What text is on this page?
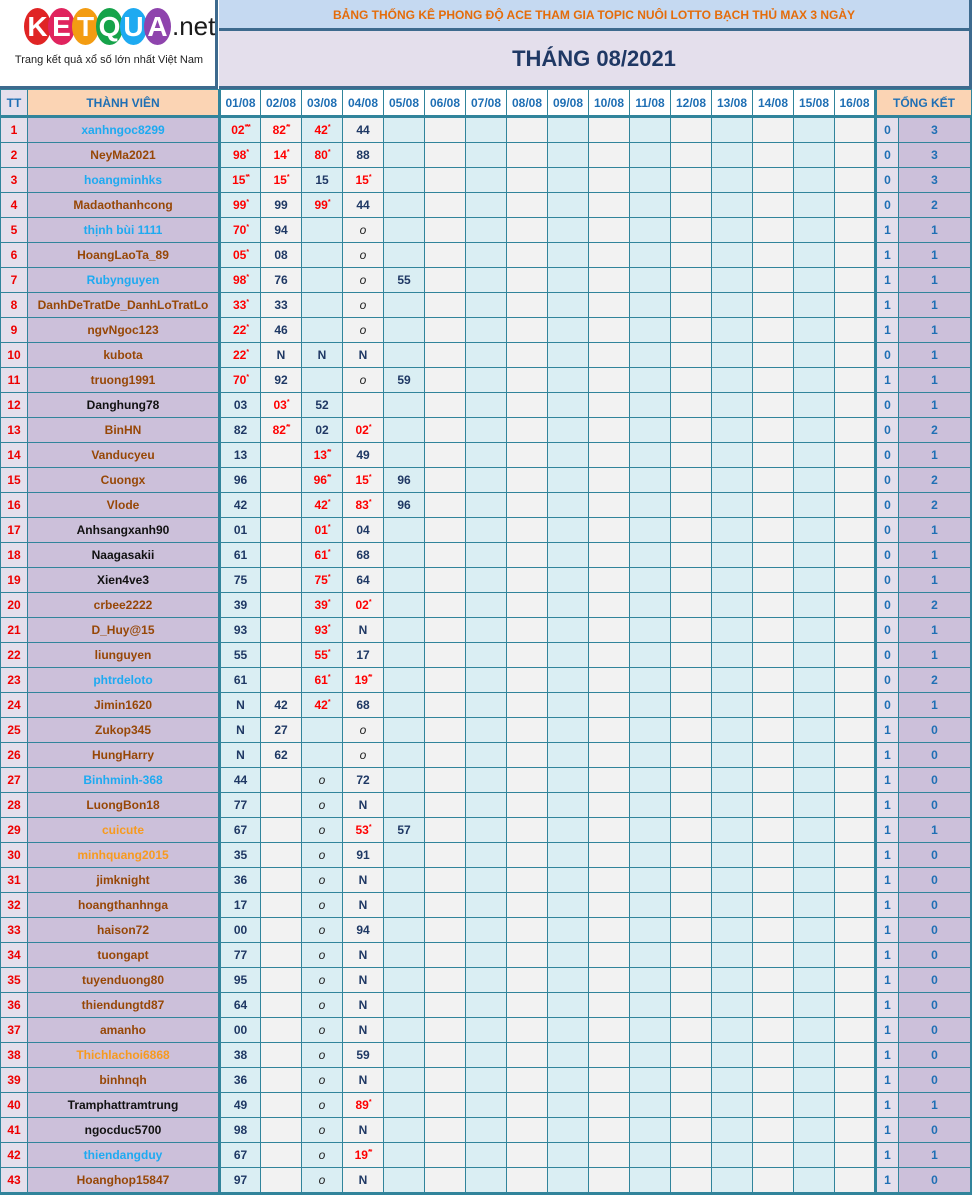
K E T Q U A .net
Trang kết quả xổ số lớn nhất Việt Nam
BẢNG THỐNG KÊ PHONG ĐỘ ACE THAM GIA TOPIC NUÔI LOTTO BẠCH THỦ MAX 3 NGÀY
THÁNG 08/2021
TT	THÀNH VIÊN	01/08	02/08	03/08	04/08	05/08	06/08	07/08	08/08	09/08	10/08	11/08	12/08	13/08	14/08	15/08	16/08	TỔNG KẾT	
1	xanhngoc8299	02***	82**	42*	44													0	3
2	NeyMa2021	98*	14*	80*	88													0	3
3	hoangminhks	15**	15*	15	15*													0	3
4	Madaothanhcong	99*	99	99*	44													0	2
5	thịnh bùi 1111	70*	94		o													1	1
6	HoangLaoTa_89	05*	08		o													1	1
7	Rubynguyen	98*	76		o	55												1	1
8	DanhDeTratDe_DanhLoTratLo	33*	33		o													1	1
9	ngvNgoc123	22*	46		o													1	1
10	kubota	22*	N	N	N													0	1
11	truong1991	70*	92		o	59												1	1
12	Danghung78	03	03*	52														0	1
13	BinHN	82	82**	02	02*													0	2
14	Vanducyeu	13		13**	49													0	1
15	Cuongx	96		96**	15*	96												0	2
16	Vlode	42		42*	83*	96												0	2
17	Anhsangxanh90	01		01*	04													0	1
18	Naagasakii	61		61*	68													0	1
19	Xien4ve3	75		75*	64													0	1
20	crbee2222	39		39*	02*													0	2
21	D_Huy@15	93		93*	N													0	1
22	liunguyen	55		55*	17													0	1
23	phtrdeloto	61		61*	19**													0	2
24	Jimin1620	N	42	42*	68													0	1
25	Zukop345	N	27		o													1	0
26	HungHarry	N	62		o													1	0
27	Binhminh-368	44		o	72													1	0
28	LuongBon18	77		o	N													1	0
29	cuicute	67		o	53*	57												1	1
30	minhquang2015	35		o	91													1	0
31	jimknight	36		o	N													1	0
32	hoangthanhnga	17		o	N													1	0
33	haison72	00		o	94													1	0
34	tuongapt	77		o	N													1	0
35	tuyenduong80	95		o	N													1	0
36	thiendungtd87	64		o	N													1	0
37	amanho	00		o	N													1	0
38	Thichlachoi6868	38		o	59													1	0
39	binhnqh	36		o	N													1	0
40	Tramphattramtrung	49		o	89*													1	1
41	ngocduc5700	98		o	N													1	0
42	thiendangduy	67		o	19**													1	1
43	Hoanghop15847	97		o	N													1	0
